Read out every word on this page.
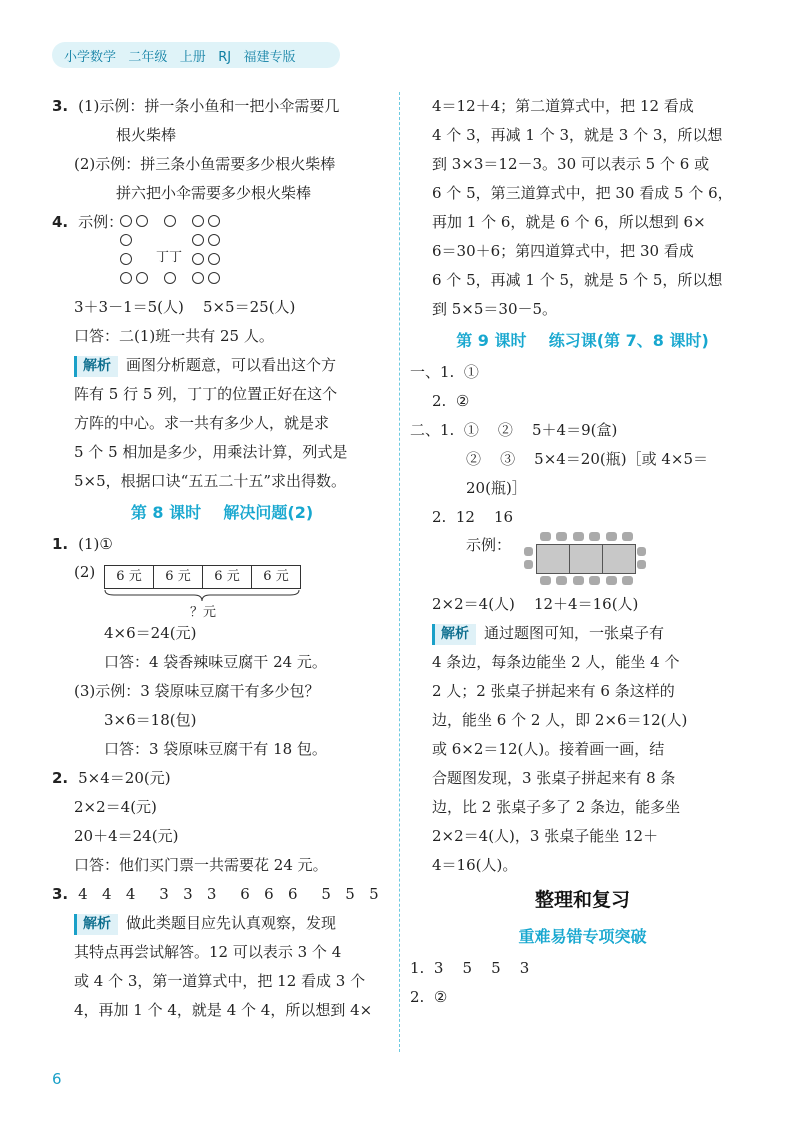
小学数学   二年级   上册   RJ   福建专版
3. (1)示例：拼一条小鱼和一把小伞需要几
根火柴棒
(2)示例：拼三条小鱼需要多少根火柴棒
拼六把小伞需要多少根火柴棒
4. 示例：
丁丁
3＋3－1＝5(人)    5×5＝25(人)
口答：二(1)班一共有 25 人。
解析 画图分析题意，可以看出这个方
阵有 5 行 5 列，丁丁的位置正好在这个
方阵的中心。求一共有多少人，就是求
5 个 5 相加是多少，用乘法计算，列式是
5×5，根据口诀“五五二十五”求出得数。
第 8 课时    解决问题(2)
1. (1)①
(2)	6 元	6 元	6 元	6 元
？元
4×6＝24(元)
口答：4 袋香辣味豆腐干 24 元。
(3)示例：3 袋原味豆腐干有多少包？
3×6＝18(包)
口答：3 袋原味豆腐干有 18 包。
2. 5×4＝20(元)
2×2＝4(元)
20＋4＝24(元)
口答：他们买门票一共需要花 24 元。
3. 4   4   4     3   3   3     6   6   6     5   5   5
解析 做此类题目应先认真观察，发现
其特点再尝试解答。12 可以表示 3 个 4
或 4 个 3，第一道算式中，把 12 看成 3 个
4，再加 1 个 4，就是 4 个 4，所以想到 4×
4＝12＋4；第二道算式中，把 12 看成
4 个 3，再减 1 个 3，就是 3 个 3，所以想
到 3×3＝12－3。30 可以表示 5 个 6 或
6 个 5，第三道算式中，把 30 看成 5 个 6，
再加 1 个 6，就是 6 个 6，所以想到 6×
6＝30＋6；第四道算式中，把 30 看成
6 个 5，再减 1 个 5，就是 5 个 5，所以想
到 5×5＝30－5。
第 9 课时    练习课(第 7、8 课时)
一、1.  ①
2.  ②
二、1.  ①    ②    5＋4＝9(盒)
②    ③    5×4＝20(瓶)［或 4×5＝
20(瓶)］
2.  12    16
示例：
2×2＝4(人)    12＋4＝16(人)
解析 通过题图可知，一张桌子有
4 条边，每条边能坐 2 人，能坐 4 个
2 人；2 张桌子拼起来有 6 条这样的
边，能坐 6 个 2 人，即 2×6＝12(人)
或 6×2＝12(人)。接着画一画，结
合题图发现，3 张桌子拼起来有 8 条
边，比 2 张桌子多了 2 条边，能多坐
2×2＝4(人)，3 张桌子能坐 12＋
4＝16(人)。
整理和复习
重难易错专项突破
1.  3    5    5    3
2.  ②
6
